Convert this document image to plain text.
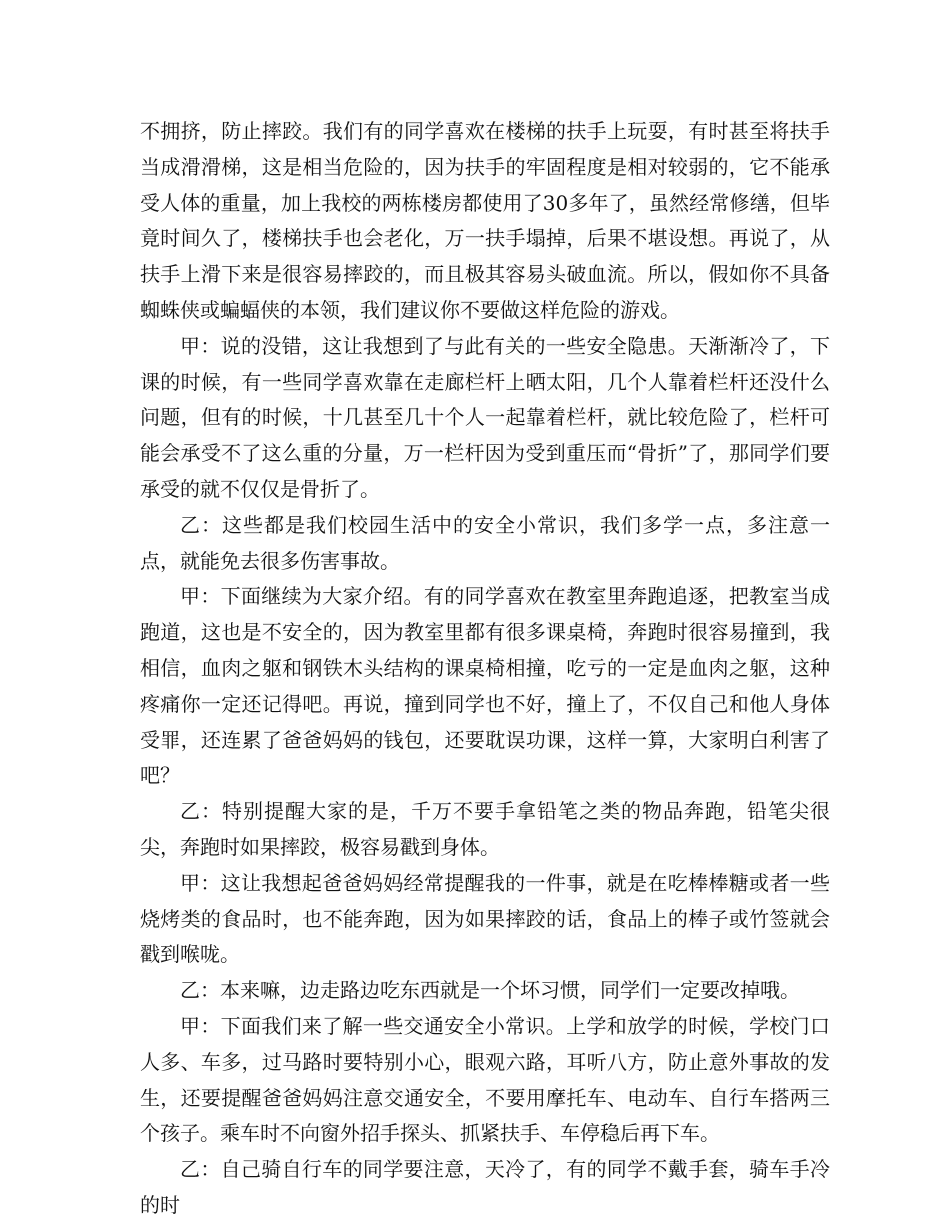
不拥挤，防止摔跤。我们有的同学喜欢在楼梯的扶手上玩耍，有时甚至将扶手当成滑滑梯，这是相当危险的，因为扶手的牢固程度是相对较弱的，它不能承受人体的重量，加上我校的两栋楼房都使用了30多年了，虽然经常修缮，但毕竟时间久了，楼梯扶手也会老化，万一扶手塌掉，后果不堪设想。再说了，从扶手上滑下来是很容易摔跤的，而且极其容易头破血流。所以，假如你不具备蜘蛛侠或蝙蝠侠的本领，我们建议你不要做这样危险的游戏。

甲：说的没错，这让我想到了与此有关的一些安全隐患。天渐渐冷了，下课的时候，有一些同学喜欢靠在走廊栏杆上晒太阳，几个人靠着栏杆还没什么问题，但有的时候，十几甚至几十个人一起靠着栏杆，就比较危险了，栏杆可能会承受不了这么重的分量，万一栏杆因为受到重压而“骨折”了，那同学们要承受的就不仅仅是骨折了。

乙：这些都是我们校园生活中的安全小常识，我们多学一点，多注意一点，就能免去很多伤害事故。

甲：下面继续为大家介绍。有的同学喜欢在教室里奔跑追逐，把教室当成跑道，这也是不安全的，因为教室里都有很多课桌椅，奔跑时很容易撞到，我相信，血肉之躯和钢铁木头结构的课桌椅相撞，吃亏的一定是血肉之躯，这种疼痛你一定还记得吧。再说，撞到同学也不好，撞上了，不仅自己和他人身体受罪，还连累了爸爸妈妈的钱包，还要耽误功课，这样一算，大家明白利害了吧？

乙：特别提醒大家的是，千万不要手拿铅笔之类的物品奔跑，铅笔尖很尖，奔跑时如果摔跤，极容易戳到身体。

甲：这让我想起爸爸妈妈经常提醒我的一件事，就是在吃棒棒糖或者一些烧烤类的食品时，也不能奔跑，因为如果摔跤的话，食品上的棒子或竹签就会戳到喉咙。

乙：本来嘛，边走路边吃东西就是一个坏习惯，同学们一定要改掉哦。

甲：下面我们来了解一些交通安全小常识。上学和放学的时候，学校门口人多、车多，过马路时要特别小心，眼观六路，耳听八方，防止意外事故的发生，还要提醒爸爸妈妈注意交通安全，不要用摩托车、电动车、自行车搭两三个孩子。乘车时不向窗外招手探头、抓紧扶手、车停稳后再下车。

乙：自己骑自行车的同学要注意，天冷了，有的同学不戴手套，骑车手冷的时
